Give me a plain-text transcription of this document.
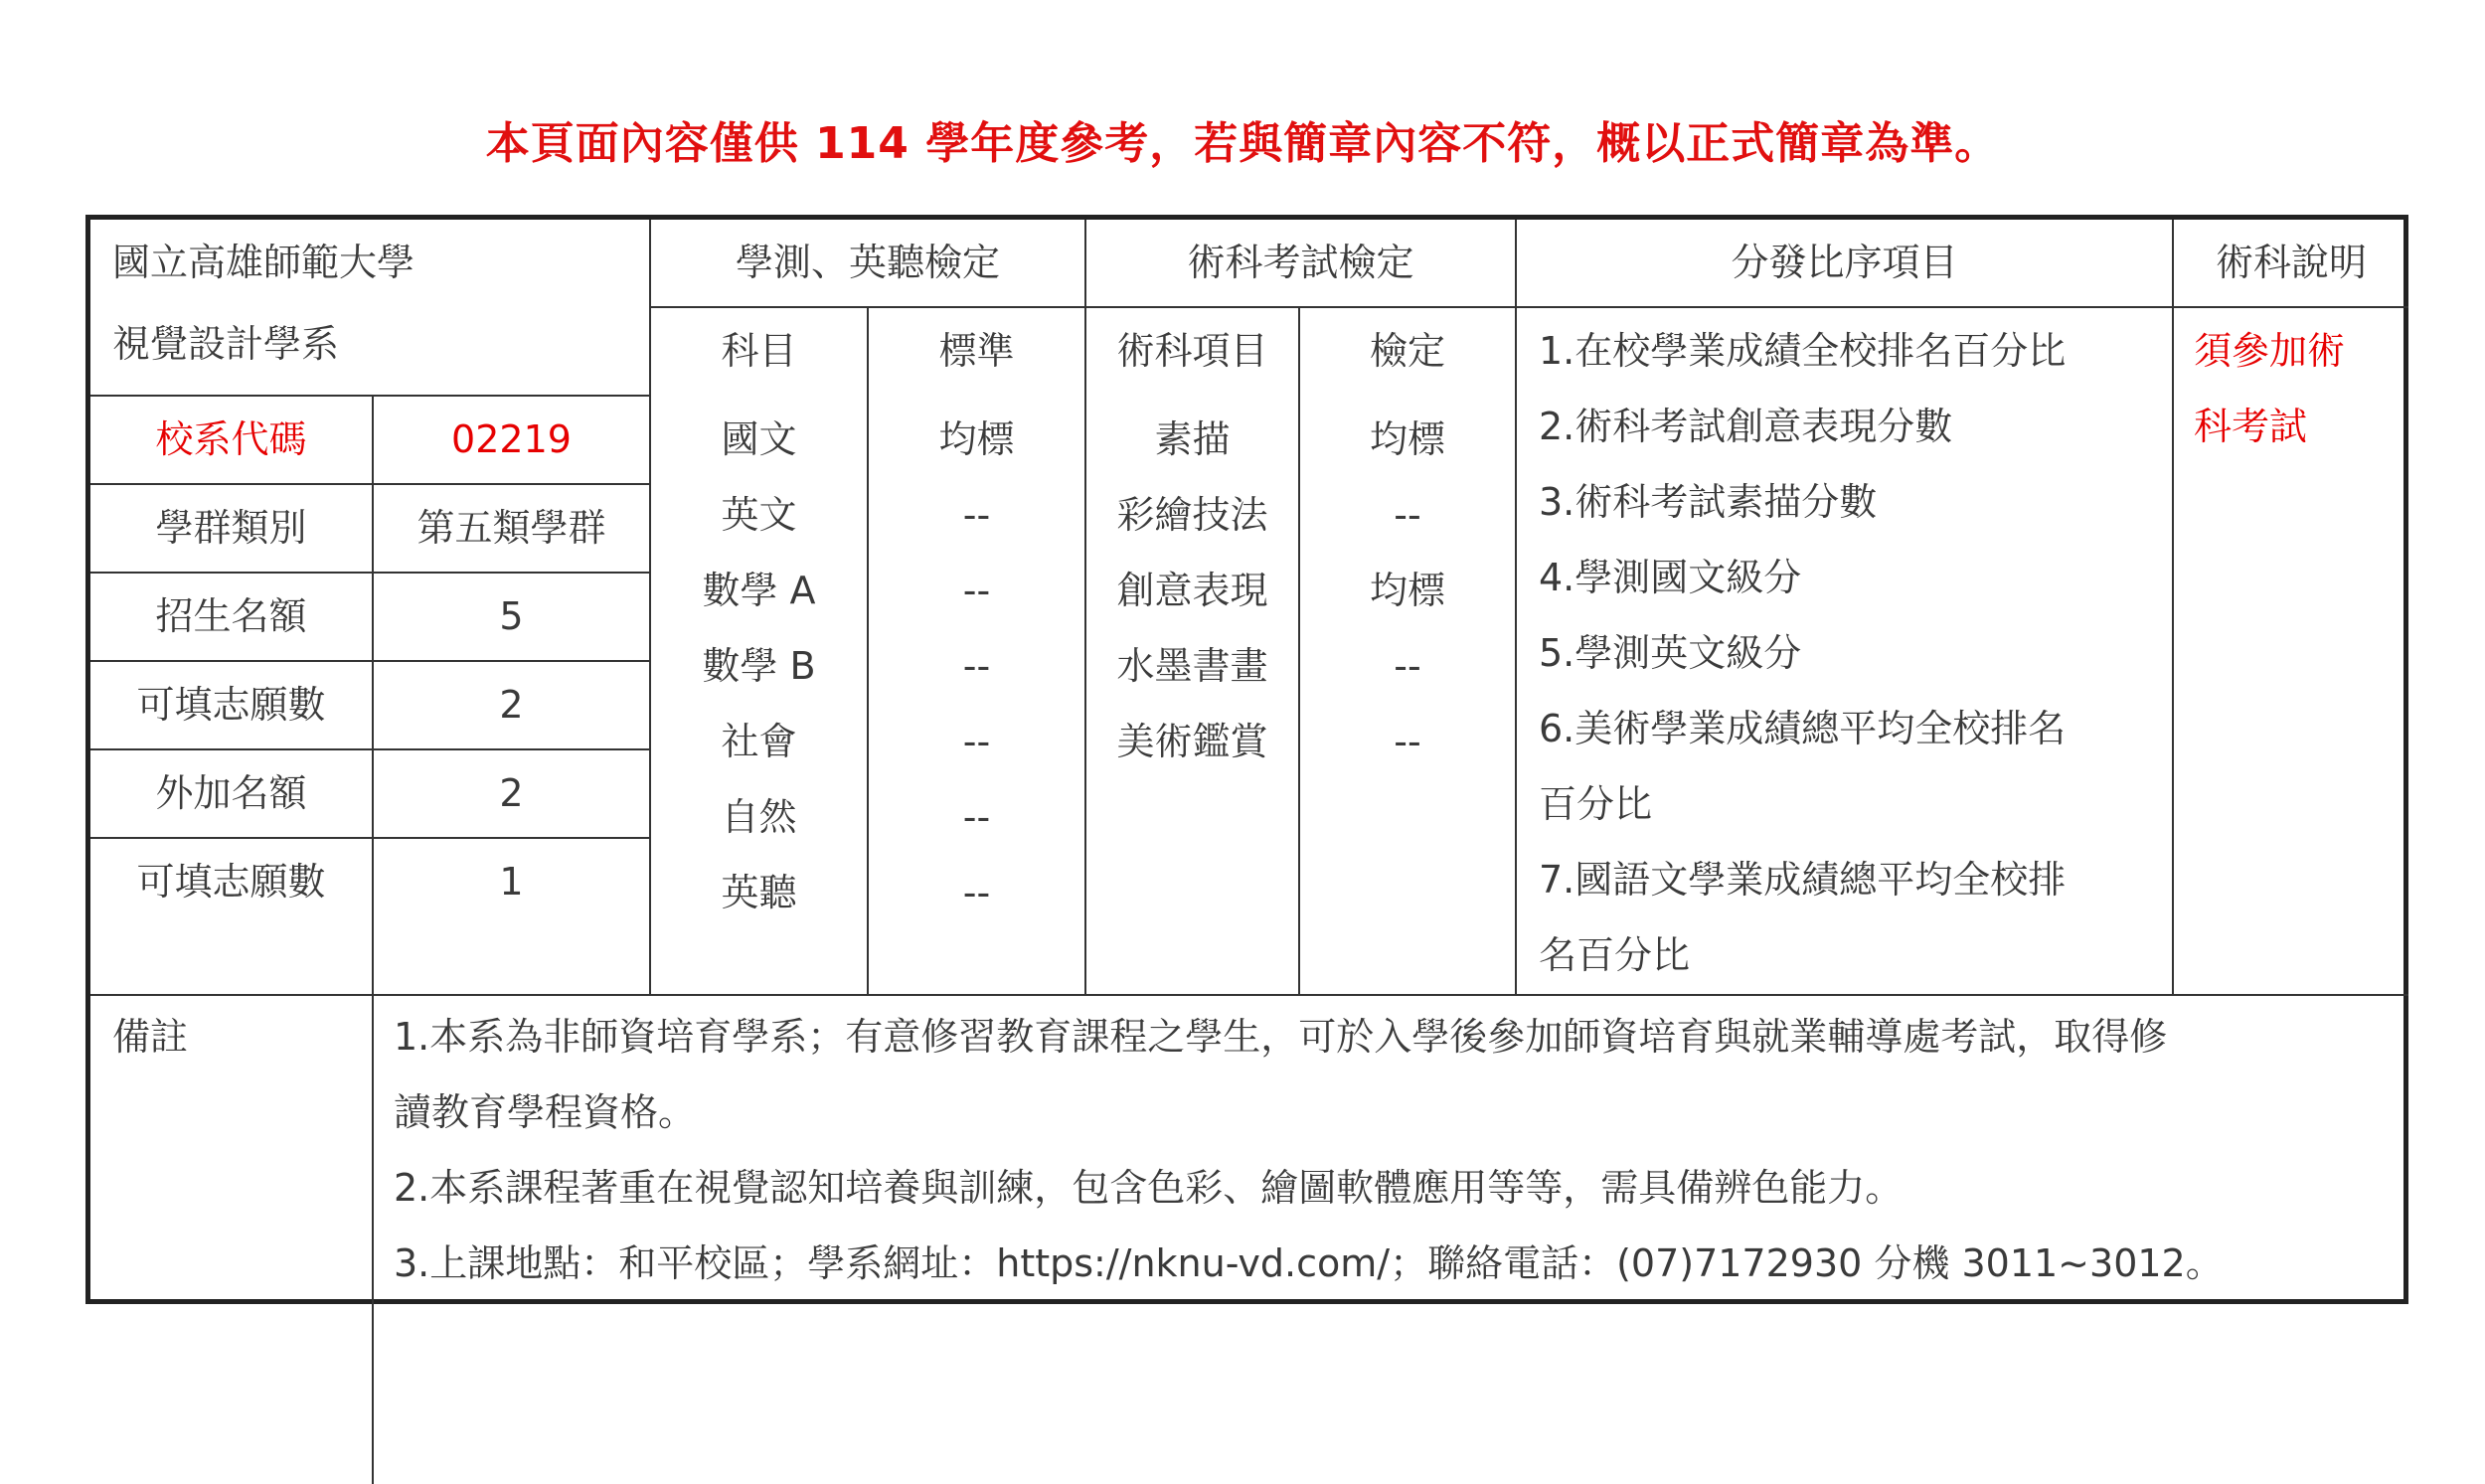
本頁面內容僅供 114 學年度參考，若與簡章內容不符，概以正式簡章為準。
國立高雄師範大學
視覺設計學系
校系代碼	02219
學群類別	第五類學群
招生名額	5
可填志願數	2
外加名額	2
可填志願數	1
學測、英聽檢定
科目	標準
術科考試檢定
術科項目	檢定
分發比序項目	術科說明
國文	均標
英文	--
數學 A	--
數學 B	--
社會	--
自然	--
英聽	--
素描	均標
彩繪技法	--
創意表現	均標
水墨書畫	--
美術鑑賞	--
1.在校學業成績全校排名百分比
2.術科考試創意表現分數
3.術科考試素描分數
4.學測國文級分
5.學測英文級分
6.美術學業成績總平均全校排名
百分比
7.國語文學業成績總平均全校排
名百分比
須參加術
科考試
備註	1.本系為非師資培育學系；有意修習教育課程之學生，可於入學後參加師資培育與就業輔導處考試，取得修
讀教育學程資格。
2.本系課程著重在視覺認知培養與訓練，包含色彩、繪圖軟體應用等等，需具備辨色能力。
3.上課地點：和平校區；學系網址：https://nknu-vd.com/；聯絡電話：(07)7172930 分機 3011~3012。
